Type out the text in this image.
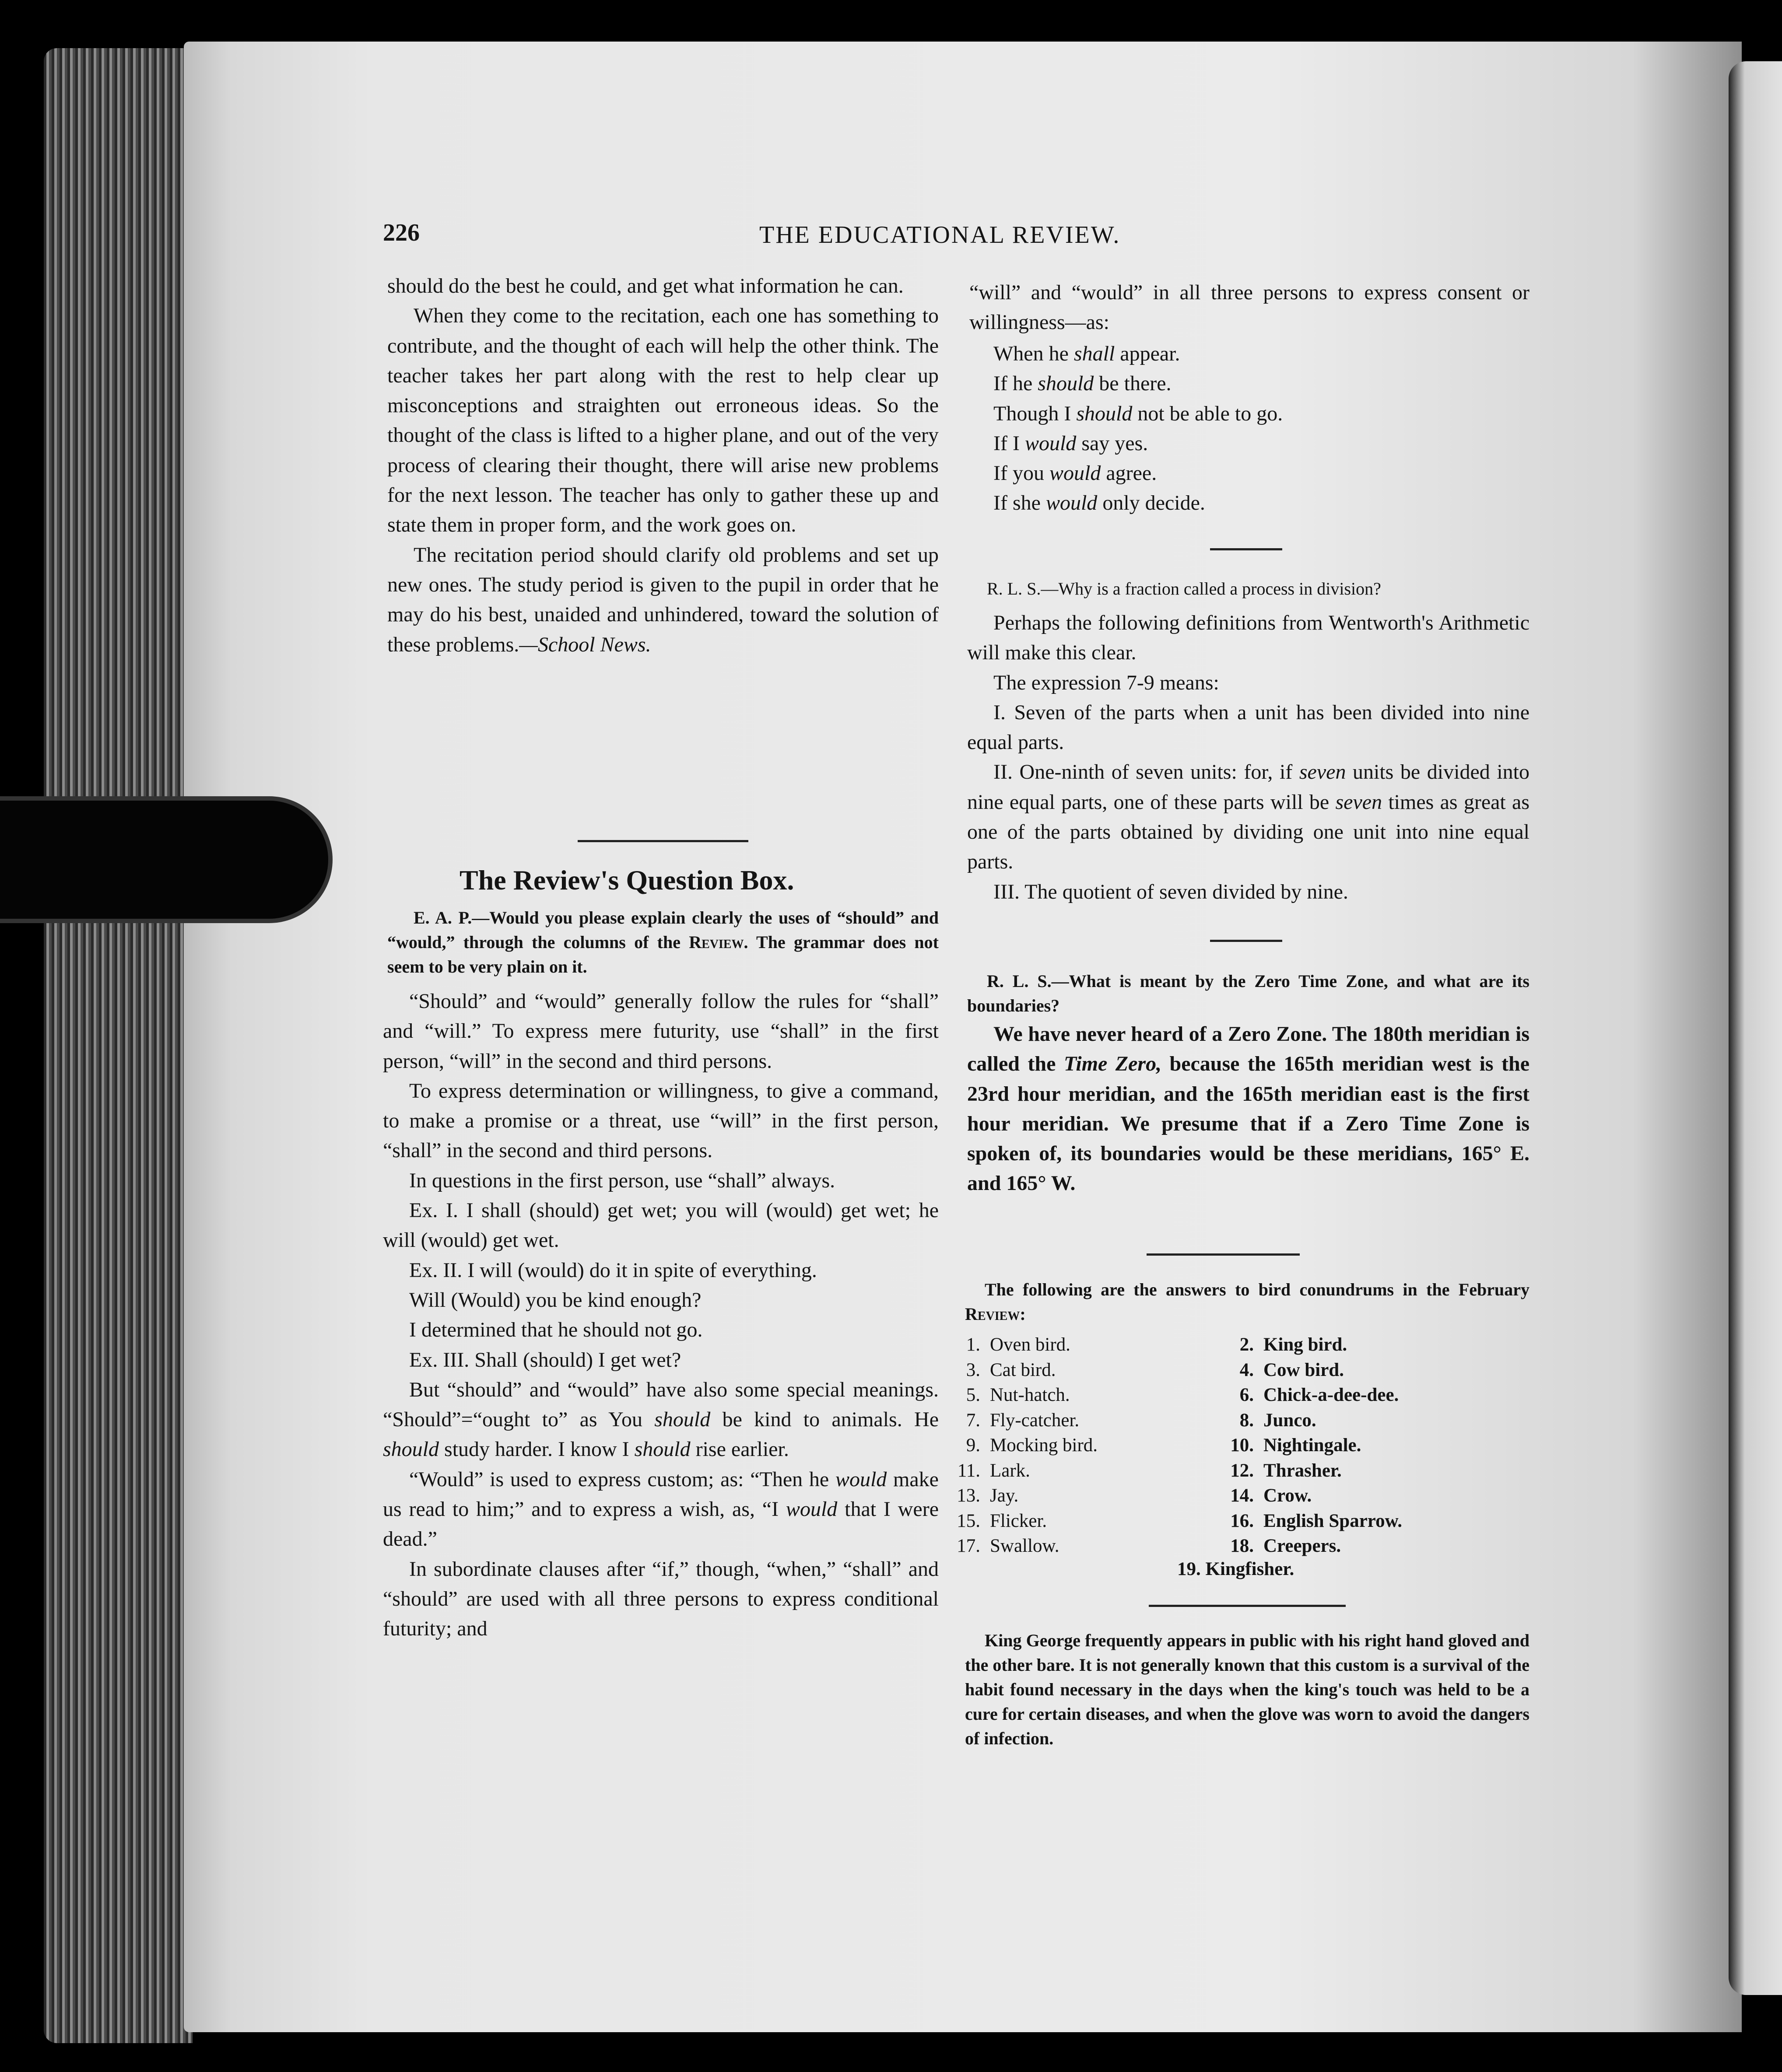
226	THE EDUCATIONAL REVIEW.

should do the best he could, and get what information he can.

When they come to the recitation, each one has something to contribute, and the thought of each will help the other think. The teacher takes her part along with the rest to help clear up misconceptions and straighten out erroneous ideas. So the thought of the class is lifted to a higher plane, and out of the very process of clearing their thought, there will arise new problems for the next lesson. The teacher has only to gather these up and state them in proper form, and the work goes on.

The recitation period should clarify old problems and set up new ones. The study period is given to the pupil in order that he may do his best, unaided and unhindered, toward the solution of these problems.—School News.

The Review's Question Box.
E. A. P.—Would you please explain clearly the uses of “should” and “would,” through the columns of the Review. The grammar does not seem to be very plain on it.

“Should” and “would” generally follow the rules for “shall” and “will.” To express mere futurity, use “shall” in the first person, “will” in the second and third persons.

To express determination or willingness, to give a command, to make a promise or a threat, use “will” in the first person, “shall” in the second and third persons.

In questions in the first person, use “shall” always.

Ex. I. I shall (should) get wet; you will (would) get wet; he will (would) get wet.

Ex. II. I will (would) do it in spite of everything.

Will (Would) you be kind enough?

I determined that he should not go.

Ex. III. Shall (should) I get wet?

But “should” and “would” have also some special meanings. “Should”=“ought to” as You should be kind to animals. He should study harder. I know I should rise earlier.

“Would” is used to express custom; as: “Then he would make us read to him;” and to express a wish, as, “I would that I were dead.”

In subordinate clauses after “if,” though, “when,” “shall” and “should” are used with all three persons to express conditional futurity; and

“will” and “would” in all three persons to express consent or willingness—as:

When he shall appear.

If he should be there.

Though I should not be able to go.

If I would say yes.

If you would agree.

If she would only decide.

R. L. S.—Why is a fraction called a process in division?

Perhaps the following definitions from Wentworth's Arithmetic will make this clear.

The expression 7-9 means:

I. Seven of the parts when a unit has been divided into nine equal parts.

II. One-ninth of seven units: for, if seven units be divided into nine equal parts, one of these parts will be seven times as great as one of the parts obtained by dividing one unit into nine equal parts.

III. The quotient of seven divided by nine.

R. L. S.—What is meant by the Zero Time Zone, and what are its boundaries?

We have never heard of a Zero Zone. The 180th meridian is called the Time Zero, because the 165th meridian west is the 23rd hour meridian, and the 165th meridian east is the first hour meridian. We presume that if a Zero Time Zone is spoken of, its boundaries would be these meridians, 165° E. and 165° W.

The following are the answers to bird conundrums in the February Review:
1. Oven bird.
3. Cat bird.
5. Nut-hatch.
7. Fly-catcher.
9. Mocking bird.
11. Lark.
13. Jay.
15. Flicker.
17. Swallow.
2. King bird.
4. Cow bird.
6. Chick-a-dee-dee.
8. Junco.
10. Nightingale.
12. Thrasher.
14. Crow.
16. English Sparrow.
18. Creepers.
19. Kingfisher.
King George frequently appears in public with his right hand gloved and the other bare. It is not generally known that this custom is a survival of the habit found necessary in the days when the king's touch was held to be a cure for certain diseases, and when the glove was worn to avoid the dangers of infection.
